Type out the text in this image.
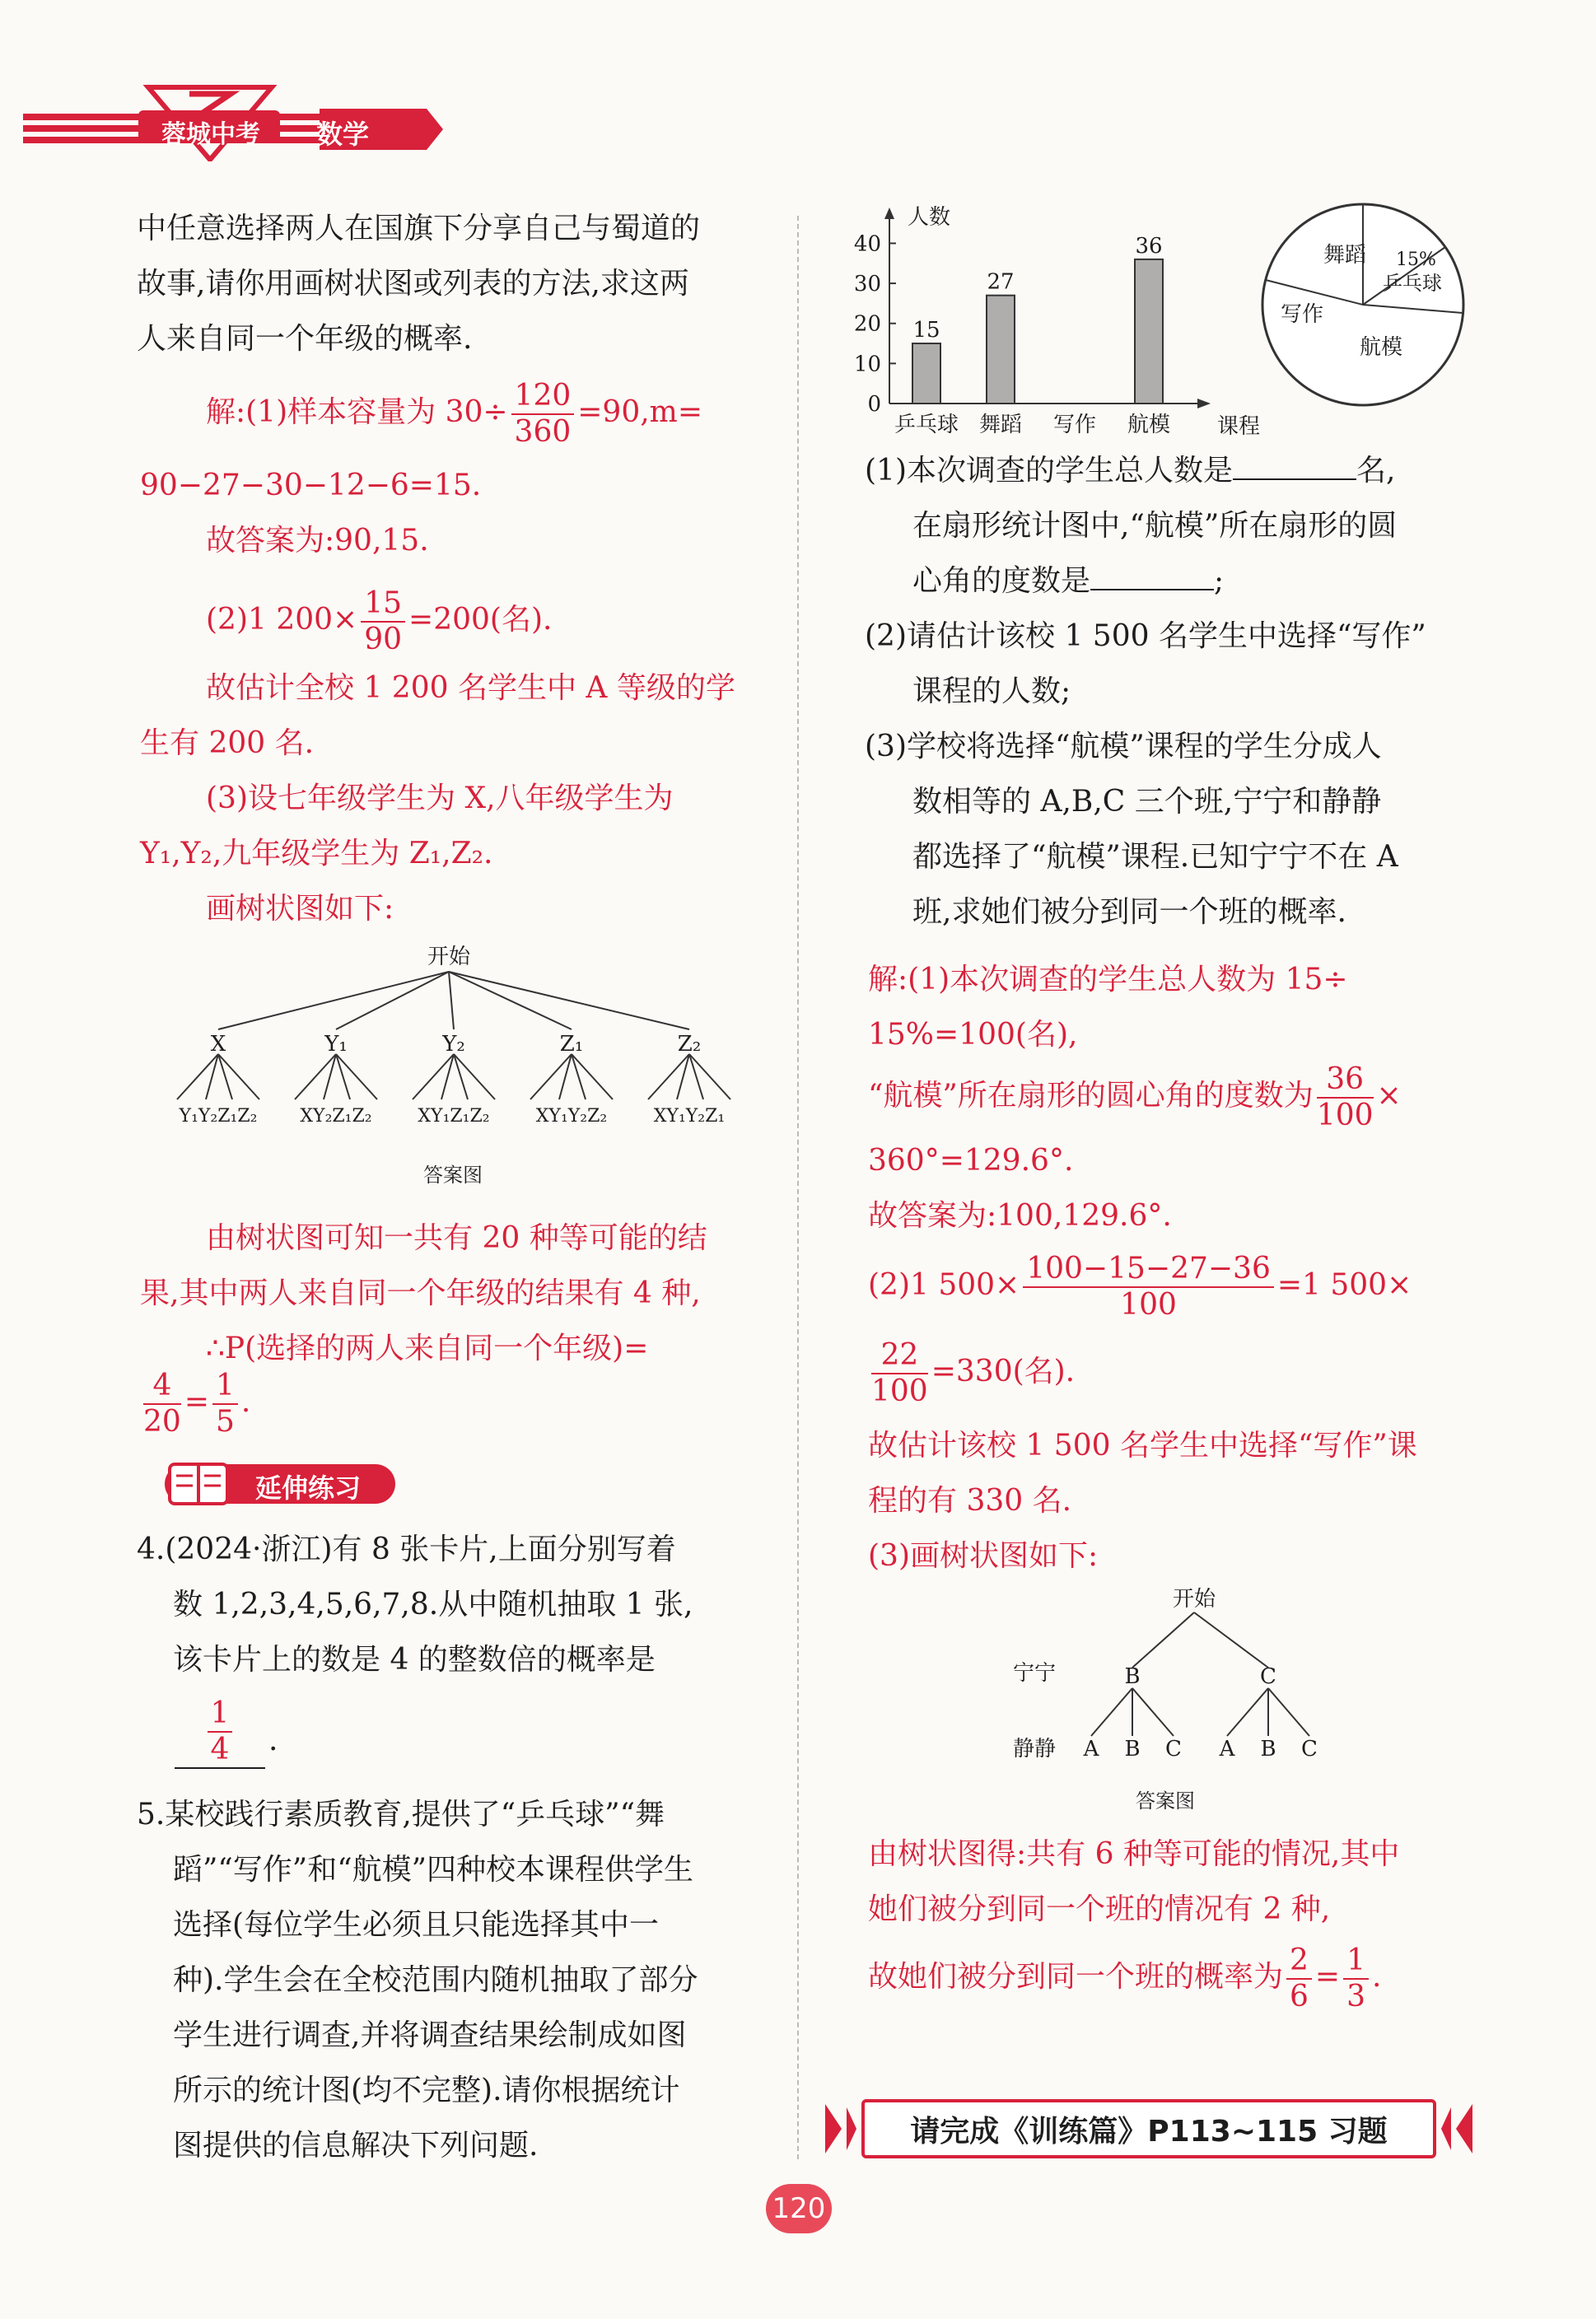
蓉城中考	数学
中任意选择两人在国旗下分享自己与蜀道的
故事,请你用画树状图或列表的方法,求这两
人来自同一个年级的概率.
解:(1)样本容量为 $30\div \frac{120}{360} =90,m=$
90−27−30−12−6=15.
故答案为:90,15.
(2)1 $200\times \frac{15}{90} =200$(名).
故估计全校 1 200 名学生中 A 等级的学
生有 200 名.
(3)设七年级学生为 X,八年级学生为
Y₁,Y₂,九年级学生为 Z₁,Z₂.
画树状图如下:
开始
X	Y₁	Y₂	Z₁	Z₂
Y₁Y₂Z₁Z₂ XY₂Z₁Z₂	XY₁Z₁Z₂	XY₁Y₂Z₂	XY₁Y₂Z₁
答案图
由树状图可知一共有 20 种等可能的结
果,其中两人来自同一个年级的结果有 4 种,
∴P(选择的两人来自同一个年级)=
$\frac{4}{20} = \frac{1}{5}$ .
延伸练习
4.(2024·浙江)有 8 张卡片,上面分别写着
数 1,2,3,4,5,6,7,8.从中随机抽取 1 张,
该卡片上的数是 4 的整数倍的概率是
$\frac{1}{4}$ .
5.某校践行素质教育,提供了“乒乓球”“舞
蹈”“写作”和“航模”四种校本课程供学生
选择(每位学生必须且只能选择其中一
种).学生会在全校范围内随机抽取了部分
学生进行调查,并将调查结果绘制成如图
所示的统计图(均不完整).请你根据统计
图提供的信息解决下列问题.
人数
课程
0
10
20
30
40
15
乒乓球
27
舞蹈 写作
36
航模
舞蹈 15%
乒乓球
写作
航模
(1)本次调查的学生总人数是	名,
在扇形统计图中,“航模”所在扇形的圆
心角的度数是	;
(2)请估计该校 1 500 名学生中选择“写作”
课程的人数;
(3)学校将选择“航模”课程的学生分成人
数相等的 A,B,C 三个班,宁宁和静静
都选择了“航模”课程.已知宁宁不在 A
班,求她们被分到同一个班的概率.
解:(1)本次调查的学生总人数为 15÷
15%=100(名),
“航模”所在扇形的圆心角的度数为 $\frac{36}{100}$ ×
360°=129.6°.
故答案为:100,129.6°.
(2)1 $500\times \frac{100-15-27-36}{100} =1$ 500×
$\frac{22}{100} =330$(名).
故估计该校 1 500 名学生中选择“写作”课
程的有 330 名.
(3)画树状图如下:
开始
宁宁	B	C
静静 A B C A B C
答案图
由树状图得:共有 6 种等可能的情况,其中
她们被分到同一个班的情况有 2 种,
故她们被分到同一个班的概率为 $\frac{2}{6} = \frac{1}{3}$ .
请完成《训练篇》P113~115 习题
120
